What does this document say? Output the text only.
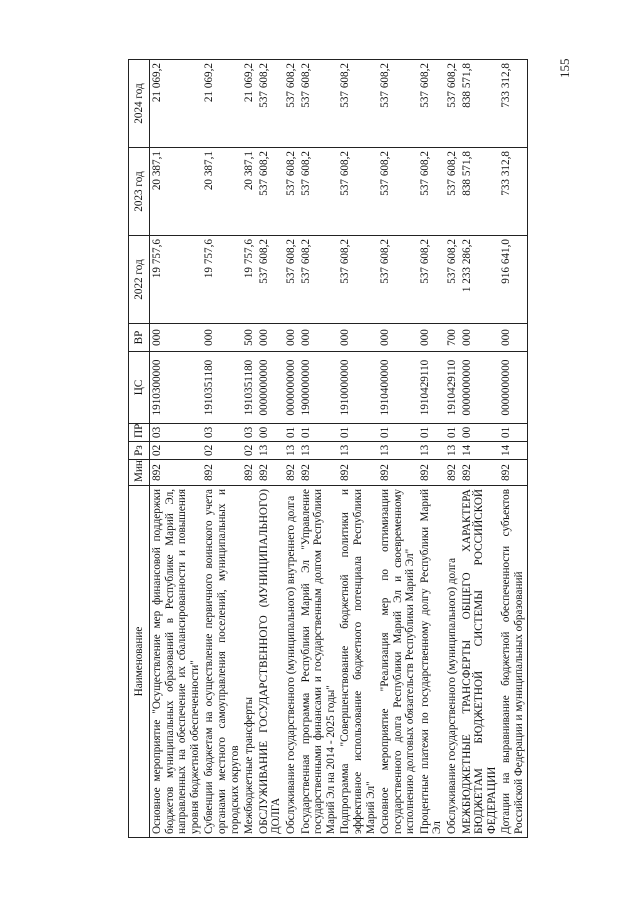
155
Наименование	Мин	Рз	ПР	ЦС	ВР	2022 год	2023 год	2024 год
Основное мероприятие "Осуществление мер финансовой поддержки бюджетов муниципальных образований в Республике Марий Эл, направленных на обеспечение их сбалансированности и повышения уровня бюджетной обеспеченности"	892	02	03	1910300000	000	19 757,6	20 387,1	21 069,2
Субвенции бюджетам на осуществление первичного воинского учета органами местного самоуправления поселений, муниципальных и городских округов	892	02	03	1910351180	000	19 757,6	20 387,1	21 069,2
Межбюджетные трансферты	892	02	03	1910351180	500	19 757,6	20 387,1	21 069,2
ОБСЛУЖИВАНИЕ ГОСУДАРСТВЕННОГО (МУНИЦИПАЛЬНОГО) ДОЛГА	892	13	00	0000000000	000	537 608,2	537 608,2	537 608,2
Обслуживание государственного (муниципального) внутреннего долга	892	13	01	0000000000	000	537 608,2	537 608,2	537 608,2
Государственная программа Республики Марий Эл "Управление государственными финансами и государственным долгом Республики Марий Эл на 2014 - 2025 годы"	892	13	01	1900000000	000	537 608,2	537 608,2	537 608,2
Подпрограмма "Совершенствование бюджетной политики и эффективное использование бюджетного потенциала Республики Марий Эл"	892	13	01	1910000000	000	537 608,2	537 608,2	537 608,2
Основное мероприятие "Реализация мер по оптимизации государственного долга Республики Марий Эл и своевременному исполнению долговых обязательств Республики Марий Эл"	892	13	01	1910400000	000	537 608,2	537 608,2	537 608,2
Процентные платежи по государственному долгу Республики Марий Эл	892	13	01	1910429110	000	537 608,2	537 608,2	537 608,2
Обслуживание государственного (муниципального) долга	892	13	01	1910429110	700	537 608,2	537 608,2	537 608,2
МЕЖБЮДЖЕТНЫЕ ТРАНСФЕРТЫ ОБЩЕГО ХАРАКТЕРА БЮДЖЕТАМ БЮДЖЕТНОЙ СИСТЕМЫ РОССИЙСКОЙ ФЕДЕРАЦИИ	892	14	00	0000000000	000	1 233 286,2	838 571,8	838 571,8
Дотации на выравнивание бюджетной обеспеченности субъектов Российской Федерации и муниципальных образований	892	14	01	0000000000	000	916 641,0	733 312,8	733 312,8
